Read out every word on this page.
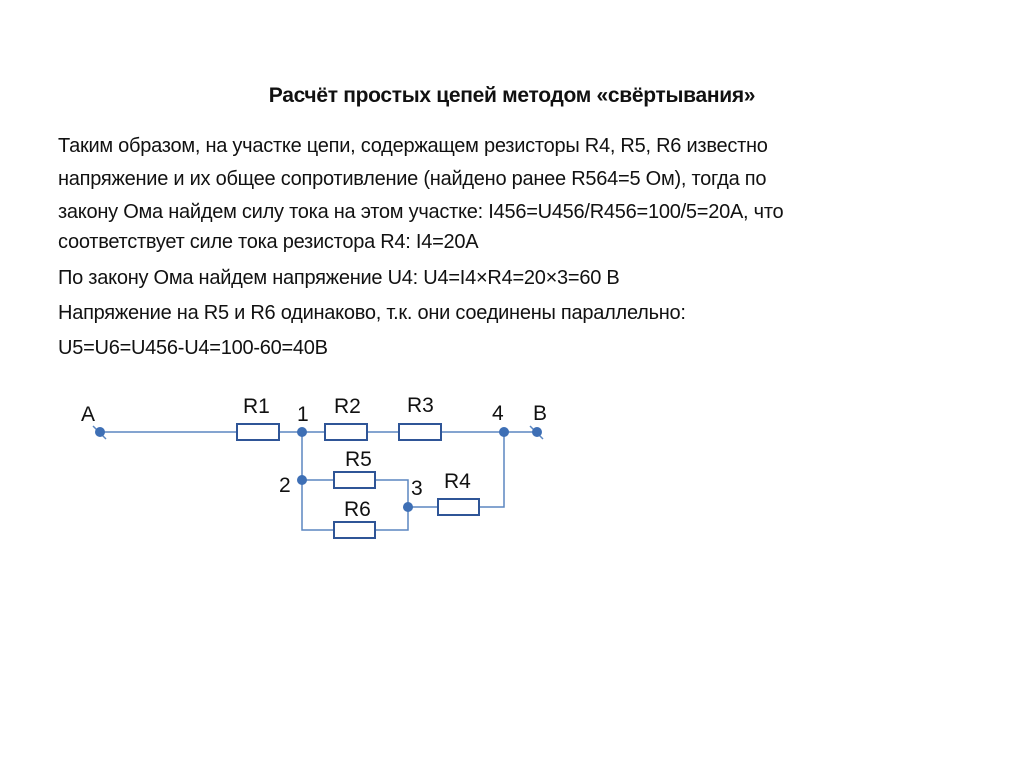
Расчёт простых цепей методом «свёртывания»
Таким образом, на участке цепи, содержащем резисторы R4, R5, R6 известно
напряжение и их общее сопротивление (найдено ранее R564=5 Ом), тогда по
закону Ома найдем силу тока на этом участке: I456=U456/R456=100/5=20A, что
соответствует силе тока резистора R4: I4=20A
По закону Ома найдем напряжение U4: U4=I4×R4=20×3=60 В
Напряжение на R5 и R6 одинаково, т.к. они соединены параллельно:
U5=U6=U456-U4=100-60=40В
A	B
1
2	3
4
R1	R2 R3
R4
R5
R6
